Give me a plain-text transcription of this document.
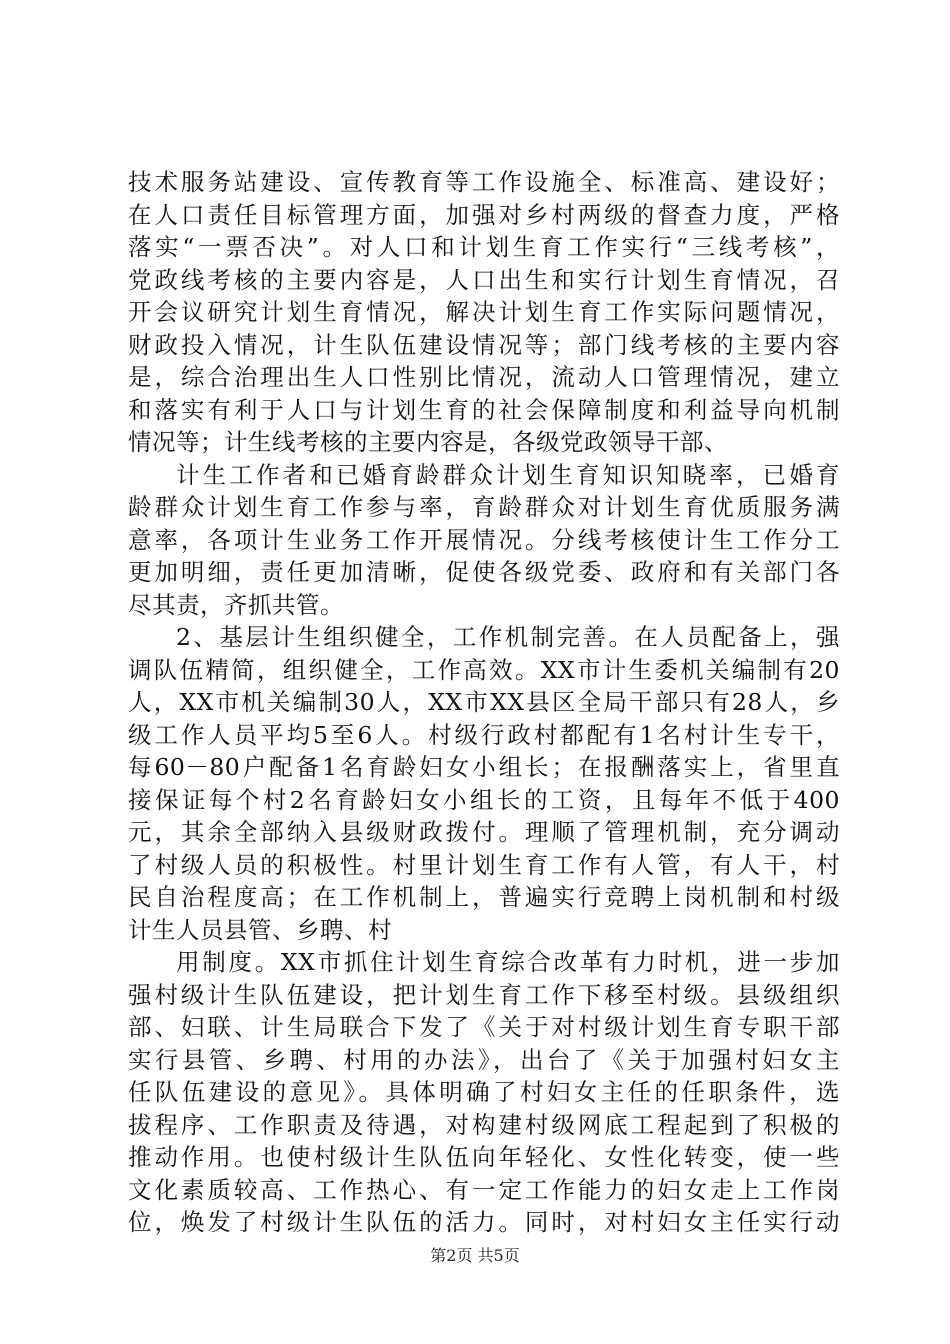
技术服务站建设、宣传教育等工作设施全、标准高、建设好；
在人口责任目标管理方面，加强对乡村两级的督查力度，严格
落实“一票否决”。对人口和计划生育工作实行“三线考核”，
党政线考核的主要内容是，人口出生和实行计划生育情况，召
开会议研究计划生育情况，解决计划生育工作实际问题情况，
财政投入情况，计生队伍建设情况等；部门线考核的主要内容
是，综合治理出生人口性别比情况，流动人口管理情况，建立
和落实有利于人口与计划生育的社会保障制度和利益导向机制
情况等；计生线考核的主要内容是，各级党政领导干部、
计生工作者和已婚育龄群众计划生育知识知晓率，已婚育
龄群众计划生育工作参与率，育龄群众对计划生育优质服务满
意率，各项计生业务工作开展情况。分线考核使计生工作分工
更加明细，责任更加清晰，促使各级党委、政府和有关部门各
尽其责，齐抓共管。
2、基层计生组织健全，工作机制完善。在人员配备上，强
调队伍精简，组织健全，工作高效。XX市计生委机关编制有20
人，XX市机关编制30人，XX市XX县区全局干部只有28人，乡
级工作人员平均5至6人。村级行政村都配有1名村计生专干，
每60－80户配备1名育龄妇女小组长；在报酬落实上，省里直
接保证每个村2名育龄妇女小组长的工资，且每年不低于400
元，其余全部纳入县级财政拨付。理顺了管理机制，充分调动
了村级人员的积极性。村里计划生育工作有人管，有人干，村
民自治程度高；在工作机制上，普遍实行竞聘上岗机制和村级
计生人员县管、乡聘、村
用制度。XX市抓住计划生育综合改革有力时机，进一步加
强村级计生队伍建设，把计划生育工作下移至村级。县级组织
部、妇联、计生局联合下发了《关于对村级计划生育专职干部
实行县管、乡聘、村用的办法》，出台了《关于加强村妇女主
任队伍建设的意见》。具体明确了村妇女主任的任职条件，选
拔程序、工作职责及待遇，对构建村级网底工程起到了积极的
推动作用。也使村级计生队伍向年轻化、女性化转变，使一些
文化素质较高、工作热心、有一定工作能力的妇女走上工作岗
位，焕发了村级计生队伍的活力。同时，对村妇女主任实行动
第2页 共5页
